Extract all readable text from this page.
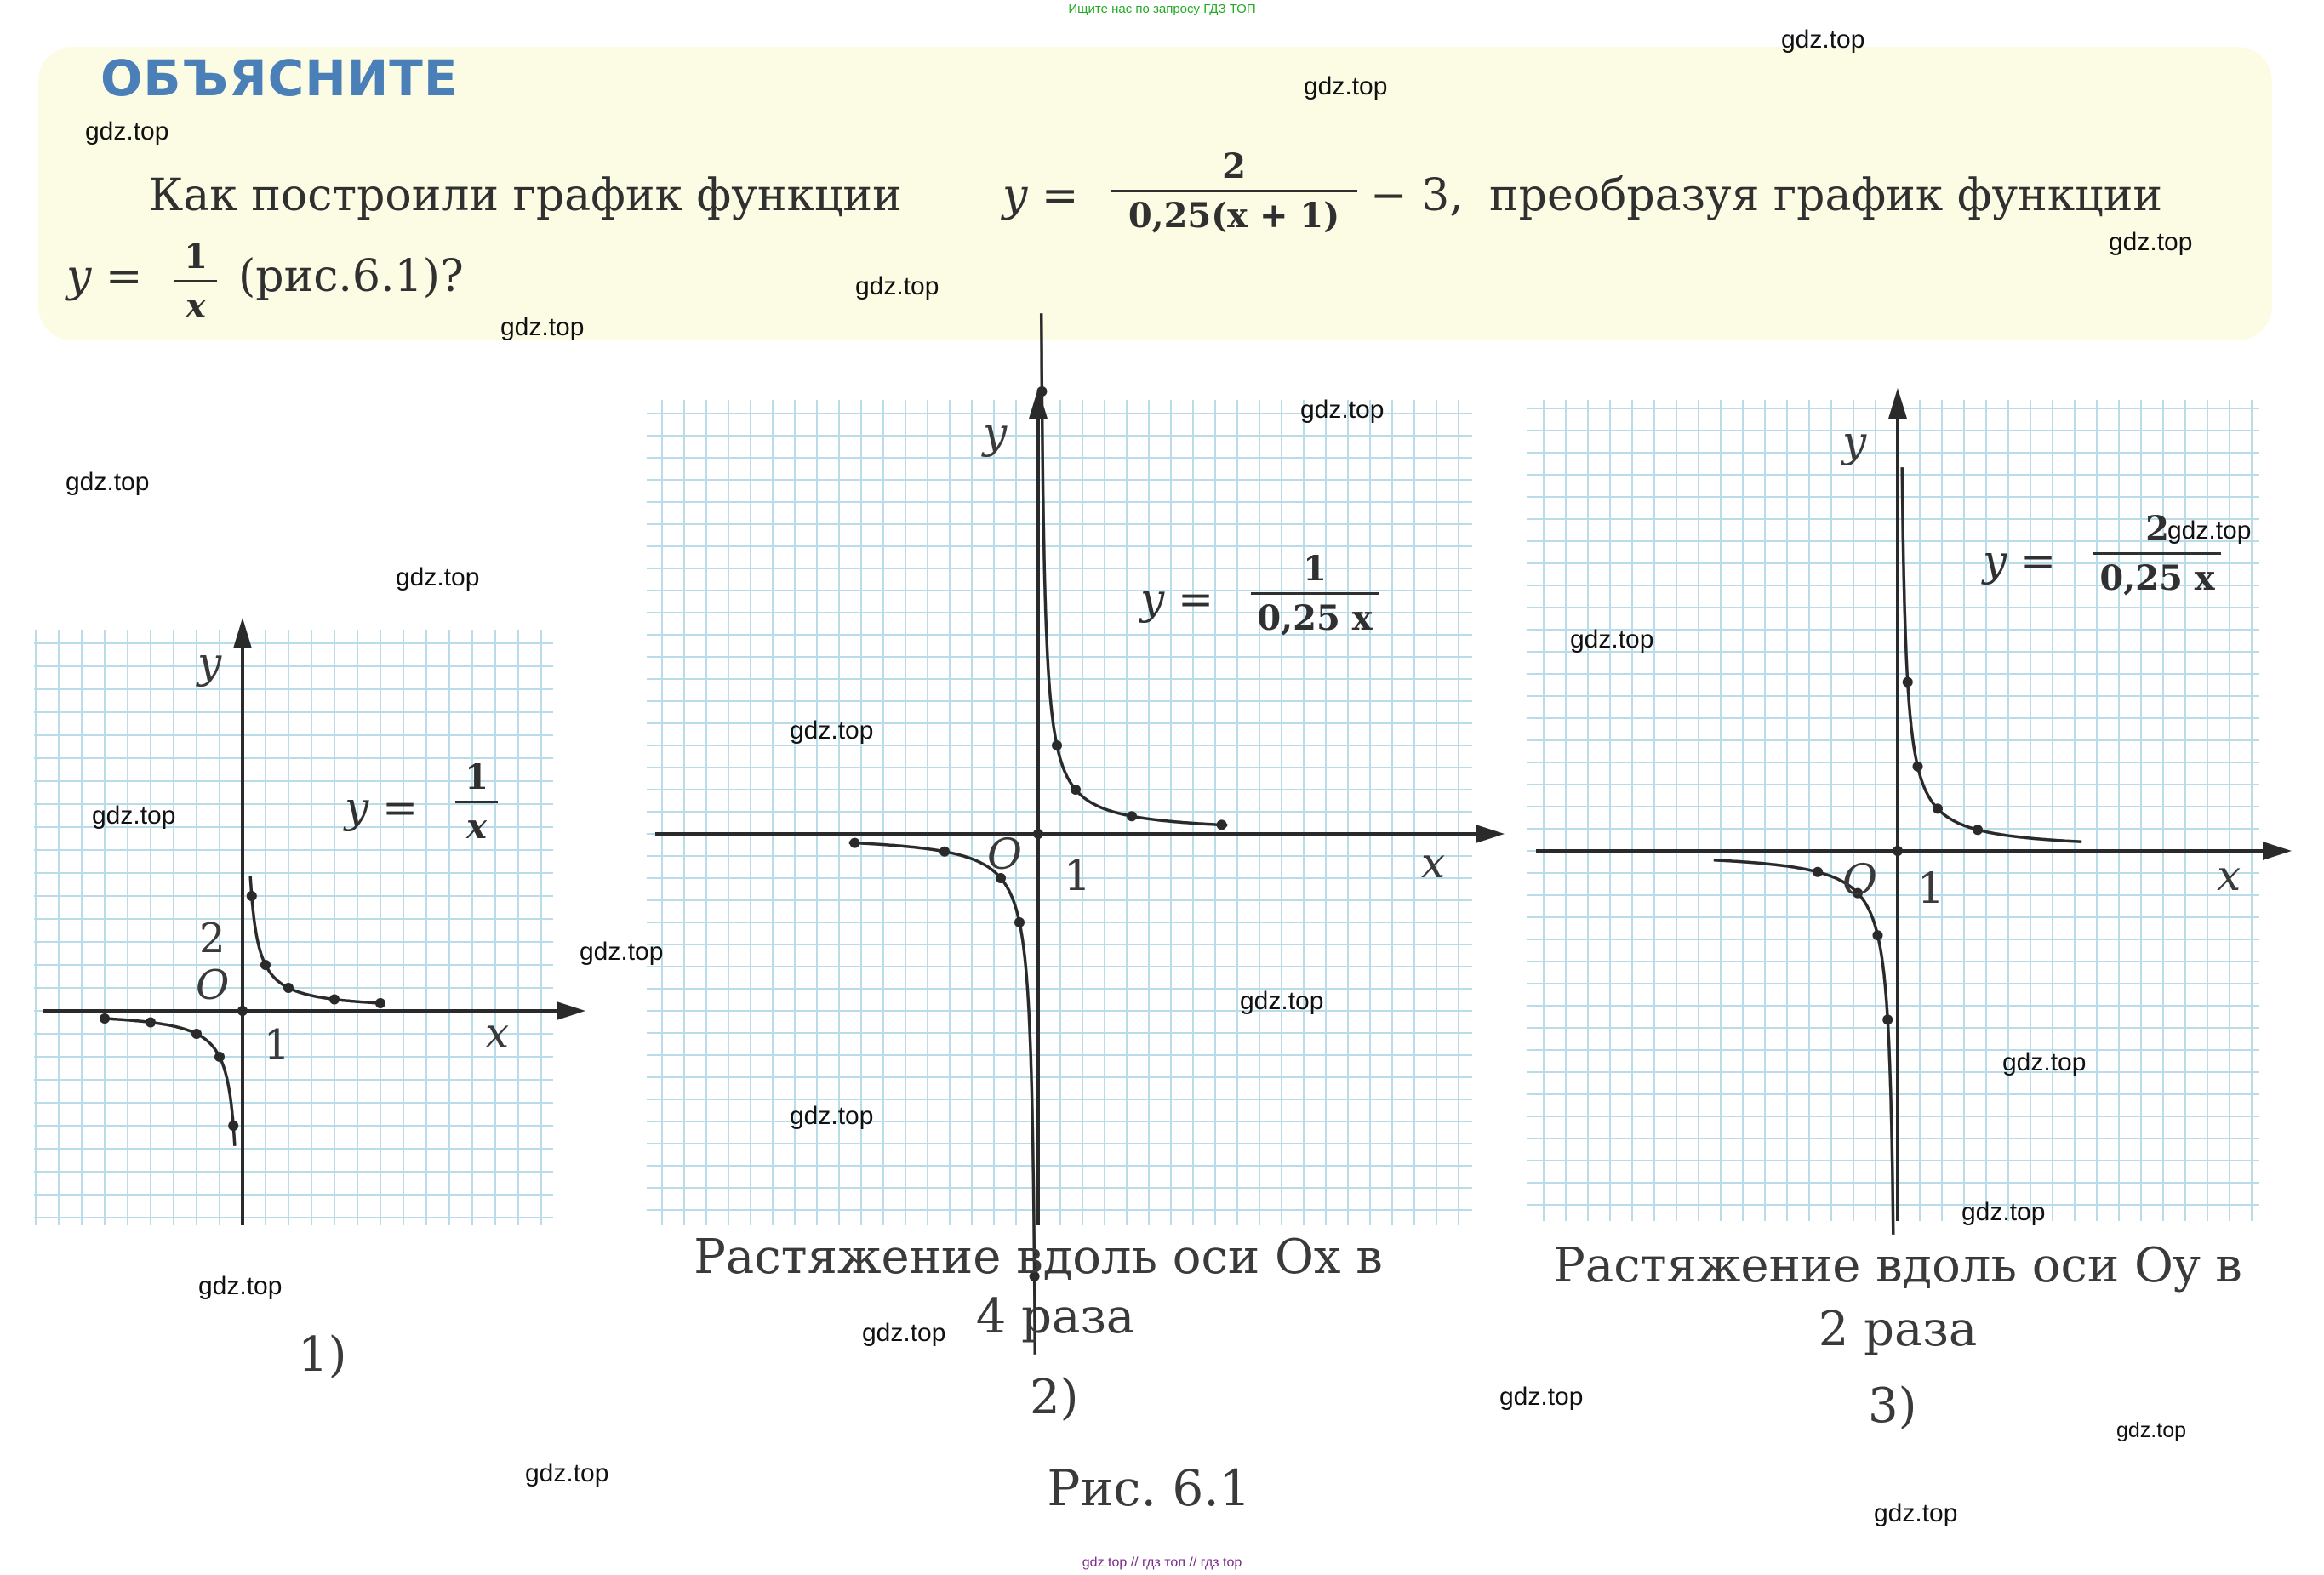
Ищите нас по запросу ГДЗ ТОП
ОБЪЯСНИТЕ
Как построили график функции y =
2
0,25(x + 1) − 3, преобразуя график функции
y = 1
x
(рис.6.1)?
y =
1
x
y
x
O
1
2
1)
y =
1
0,25 x
y
x
O 1
Растяжение вдоль оси Ox в
4 раза
2)
y =
2
0,25 x
y
x
O 1
Растяжение вдоль оси Oy в
2 раза
3)
Рис. 6.1
gdz.top
gdz.top
gdz.top
gdz.top
gdz.top
gdz.top
gdz.top
gdz.top
gdz.top
gdz.top
gdz.top
gdz.top
gdz.top
gdz.top
gdz.top
gdz.top
gdz.top
gdz.top
gdz.top
gdz.top
gdz.top
gdz.top
gdz.top
gdz.top
gdz top // гдз топ // гдз top
